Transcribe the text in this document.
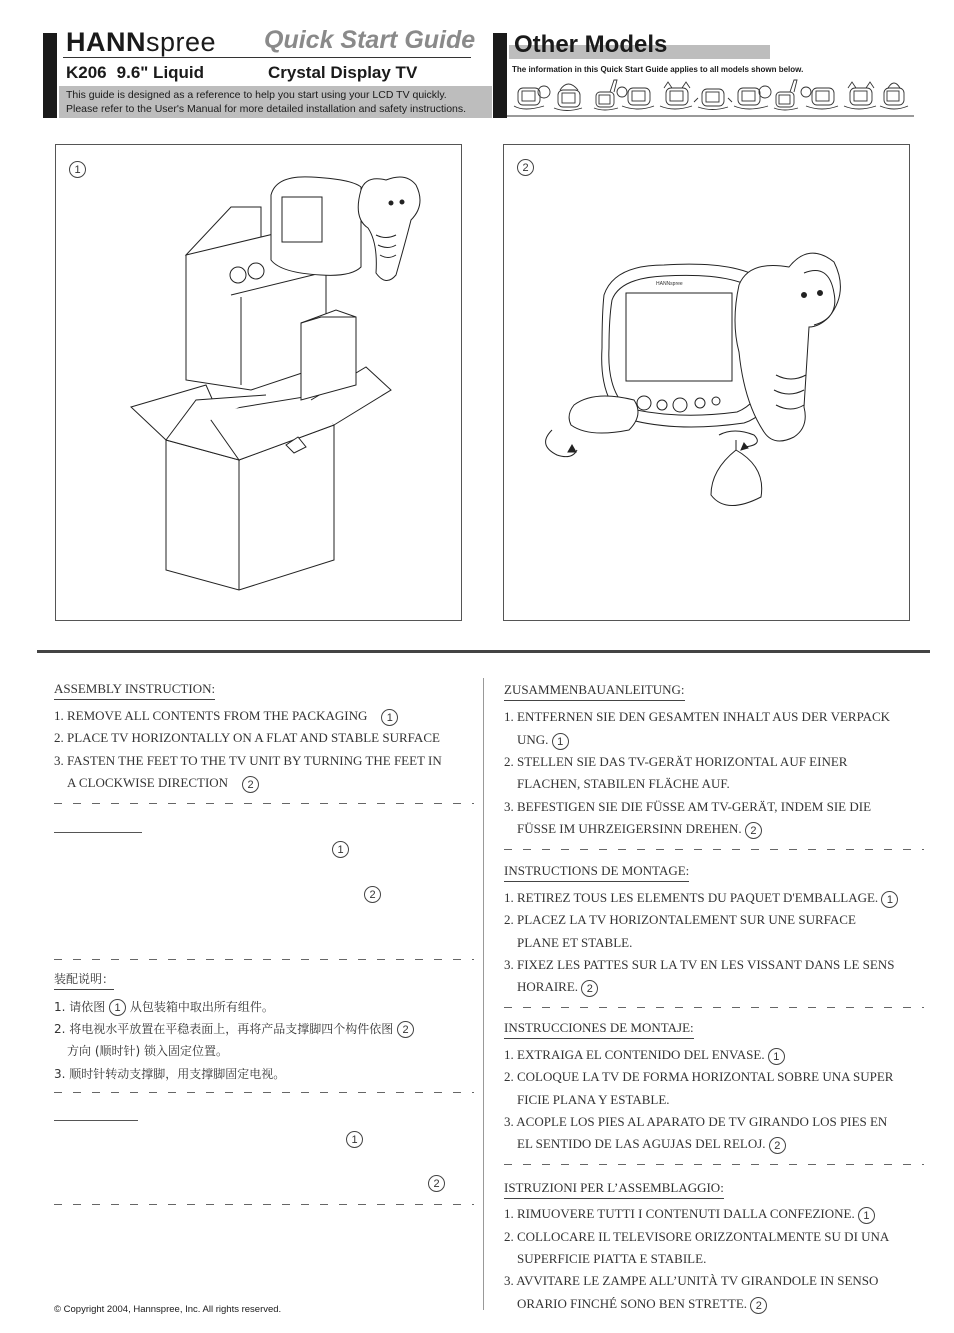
HANNspree Quick Start Guide
K206 9.6" Liquid	Crystal Display TV
This guide is designed as a reference to help you start using your LCD TV quickly.
Please refer to the User's Manual for more detailed installation and safety instructions.
Other Models
The information in this Quick Start Guide applies to all models shown below.
1	2
HANNspree
ASSEMBLY INSTRUCTION:
1. REMOVE ALL CONTENTS FROM THE PACKAGING 1
2. PLACE TV HORIZONTALLY ON A FLAT AND STABLE SURFACE
3. FASTEN THE FEET TO THE TV UNIT BY TURNING THE FEET IN
A CLOCKWISE DIRECTION 2
1
2
装配说明：
1. 请依图 1 从包装箱中取出所有组件。
2. 将电视水平放置在平稳表面上，再将产品支撑脚四个构件依图 2
方向 (顺时针) 锁入固定位置。
3. 顺时针转动支撑脚，用支撑脚固定电视。
1
2
© Copyright 2004, Hannspree, Inc. All rights reserved.
ZUSAMMENBAUANLEITUNG:
1. ENTFERNEN SIE DEN GESAMTEN INHALT AUS DER VERPACK
UNG. 1
2. STELLEN SIE DAS TV-GERÄT HORIZONTAL AUF EINER
FLACHEN, STABILEN FLÄCHE AUF.
3. BEFESTIGEN SIE DIE FÜSSE AM TV-GERÄT, INDEM SIE DIE
FÜSSE IM UHRZEIGERSINN DREHEN. 2
INSTRUCTIONS DE MONTAGE:
1. RETIREZ TOUS LES ELEMENTS DU PAQUET D'EMBALLAGE. 1
2. PLACEZ LA TV HORIZONTALEMENT SUR UNE SURFACE
PLANE ET STABLE.
3. FIXEZ LES PATTES SUR LA TV EN LES VISSANT DANS LE SENS
HORAIRE. 2
INSTRUCCIONES DE MONTAJE:
1. EXTRAIGA EL CONTENIDO DEL ENVASE. 1
2. COLOQUE LA TV DE FORMA HORIZONTAL SOBRE UNA SUPER
FICIE PLANA Y ESTABLE.
3. ACOPLE LOS PIES AL APARATO DE TV GIRANDO LOS PIES EN
EL SENTIDO DE LAS AGUJAS DEL RELOJ. 2
ISTRUZIONI PER L’ASSEMBLAGGIO:
1. RIMUOVERE TUTTI I CONTENUTI DALLA CONFEZIONE. 1
2. COLLOCARE IL TELEVISORE ORIZZONTALMENTE SU DI UNA
SUPERFICIE PIATTA E STABILE.
3. AVVITARE LE ZAMPE ALL’UNITÀ TV GIRANDOLE IN SENSO
ORARIO FINCHÉ SONO BEN STRETTE. 2
